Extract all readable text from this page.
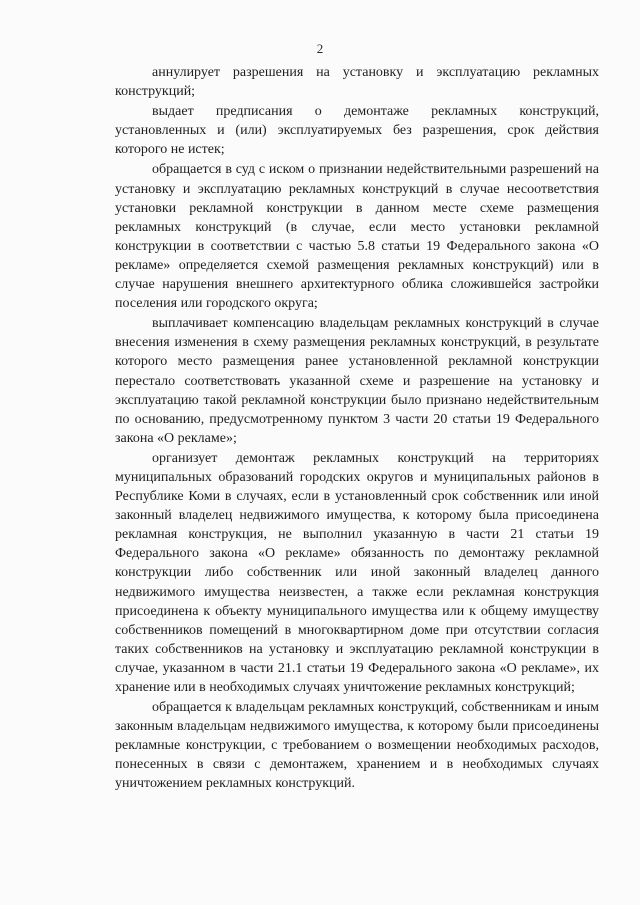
2

аннулирует разрешения на установку и эксплуатацию рекламных конструкций;

выдает предписания о демонтаже рекламных конструкций, установленных и (или) эксплуатируемых без разрешения, срок действия которого не истек;

обращается в суд с иском о признании недействительными разрешений на установку и эксплуатацию рекламных конструкций в случае несоответствия установки рекламной конструкции в данном месте схеме размещения рекламных конструкций (в случае, если место установки рекламной конструкции в соответствии с частью 5.8 статьи 19 Федерального закона «О рекламе» определяется схемой размещения рекламных конструкций) или в случае нарушения внешнего архитектурного облика сложившейся застройки поселения или городского округа;

выплачивает компенсацию владельцам рекламных конструкций в случае внесения изменения в схему размещения рекламных конструкций, в результате которого место размещения ранее установленной рекламной конструкции перестало соответствовать указанной схеме и разрешение на установку и эксплуатацию такой рекламной конструкции было признано недействительным по основанию, предусмотренному пунктом 3 части 20 статьи 19 Федерального закона «О рекламе»;

организует демонтаж рекламных конструкций на территориях муниципальных образований городских округов и муниципальных районов в Республике Коми в случаях, если в установленный срок собственник или иной законный владелец недвижимого имущества, к которому была присоединена рекламная конструкция, не выполнил указанную в части 21 статьи 19 Федерального закона «О рекламе» обязанность по демонтажу рекламной конструкции либо собственник или иной законный владелец данного недвижимого имущества неизвестен, а также если рекламная конструкция присоединена к объекту муниципального имущества или к общему имуществу собственников помещений в многоквартирном доме при отсутствии согласия таких собственников на установку и эксплуатацию рекламной конструкции в случае, указанном в части 21.1 статьи 19 Федерального закона «О рекламе», их хранение или в необходимых случаях уничтожение рекламных конструкций;

обращается к владельцам рекламных конструкций, собственникам и иным законным владельцам недвижимого имущества, к которому были присоединены рекламные конструкции, с требованием о возмещении необходимых расходов, понесенных в связи с демонтажем, хранением и в необходимых случаях уничтожением рекламных конструкций.
